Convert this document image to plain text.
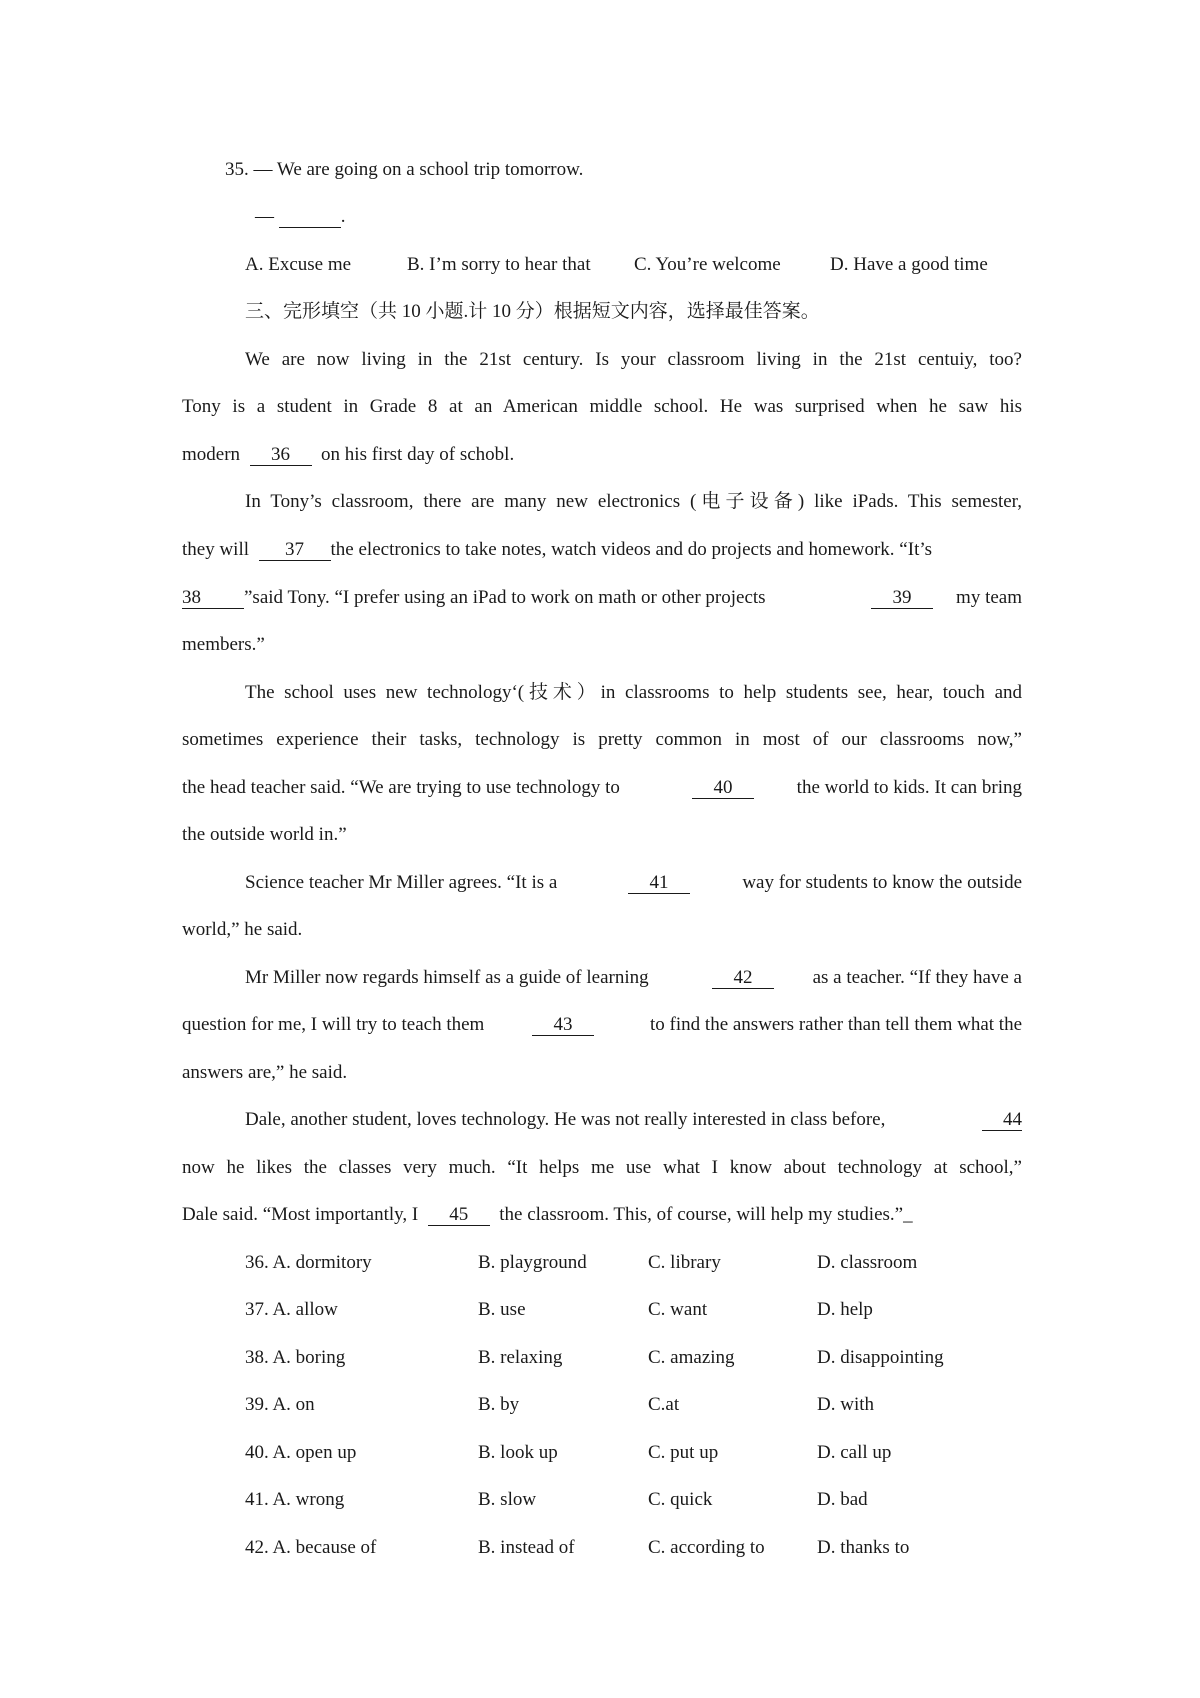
35. — We are going on a school trip tomorrow.
—	.
A. Excuse me	B. I’m sorry to hear that C. You’re welcome	D. Have a good time
三、完形填空（共 10 小题.计 10 分）根据短文内容，选择最佳答案。
We are now living in the 21st century. Is your classroom living in the 21st centuiy, too?
Tony is a student in Grade 8 at an American middle school. He was surprised when he saw his
modern 36 on his first day of schobl.
In Tony’s classroom, there are many new electronics (电子设备) like iPads. This semester,
they will 37 the electronics to take notes, watch videos and do projects and homework. “It’s
38 ”said Tony. “I prefer using an iPad to work on math or other projects	39	my team
members.”
The school uses new technology‘(技术）in classrooms to help students see, hear, touch and
sometimes experience their tasks, technology is pretty common in most of our classrooms now,”
the head teacher said. “We are trying to use technology to	40	the world to kids. It can bring
the outside world in.”
Science teacher Mr Miller agrees. “It is a	41	way for students to know the outside
world,” he said.
Mr Miller now regards himself as a guide of learning	42	as a teacher. “If they have a
question for me, I will try to teach them	43	to find the answers rather than tell them what the
answers are,” he said.
Dale, another student, loves technology. He was not really interested in class before,	44
now he likes the classes very much. “It helps me use what I know about technology at school,”
Dale said. “Most importantly, I 45 the classroom. This, of course, will help my studies.”_
36. A. dormitory	B. playground	C. library	D. classroom
37. A. allow	B. use	C. want	D. help
38. A. boring	B. relaxing	C. amazing	D. disappointing
39. A. on	B. by	C.at	D. with
40. A. open up	B. look up	C. put up	D. call up
41. A. wrong	B. slow	C. quick	D. bad
42. A. because of	B. instead of	C. according to	D. thanks to
